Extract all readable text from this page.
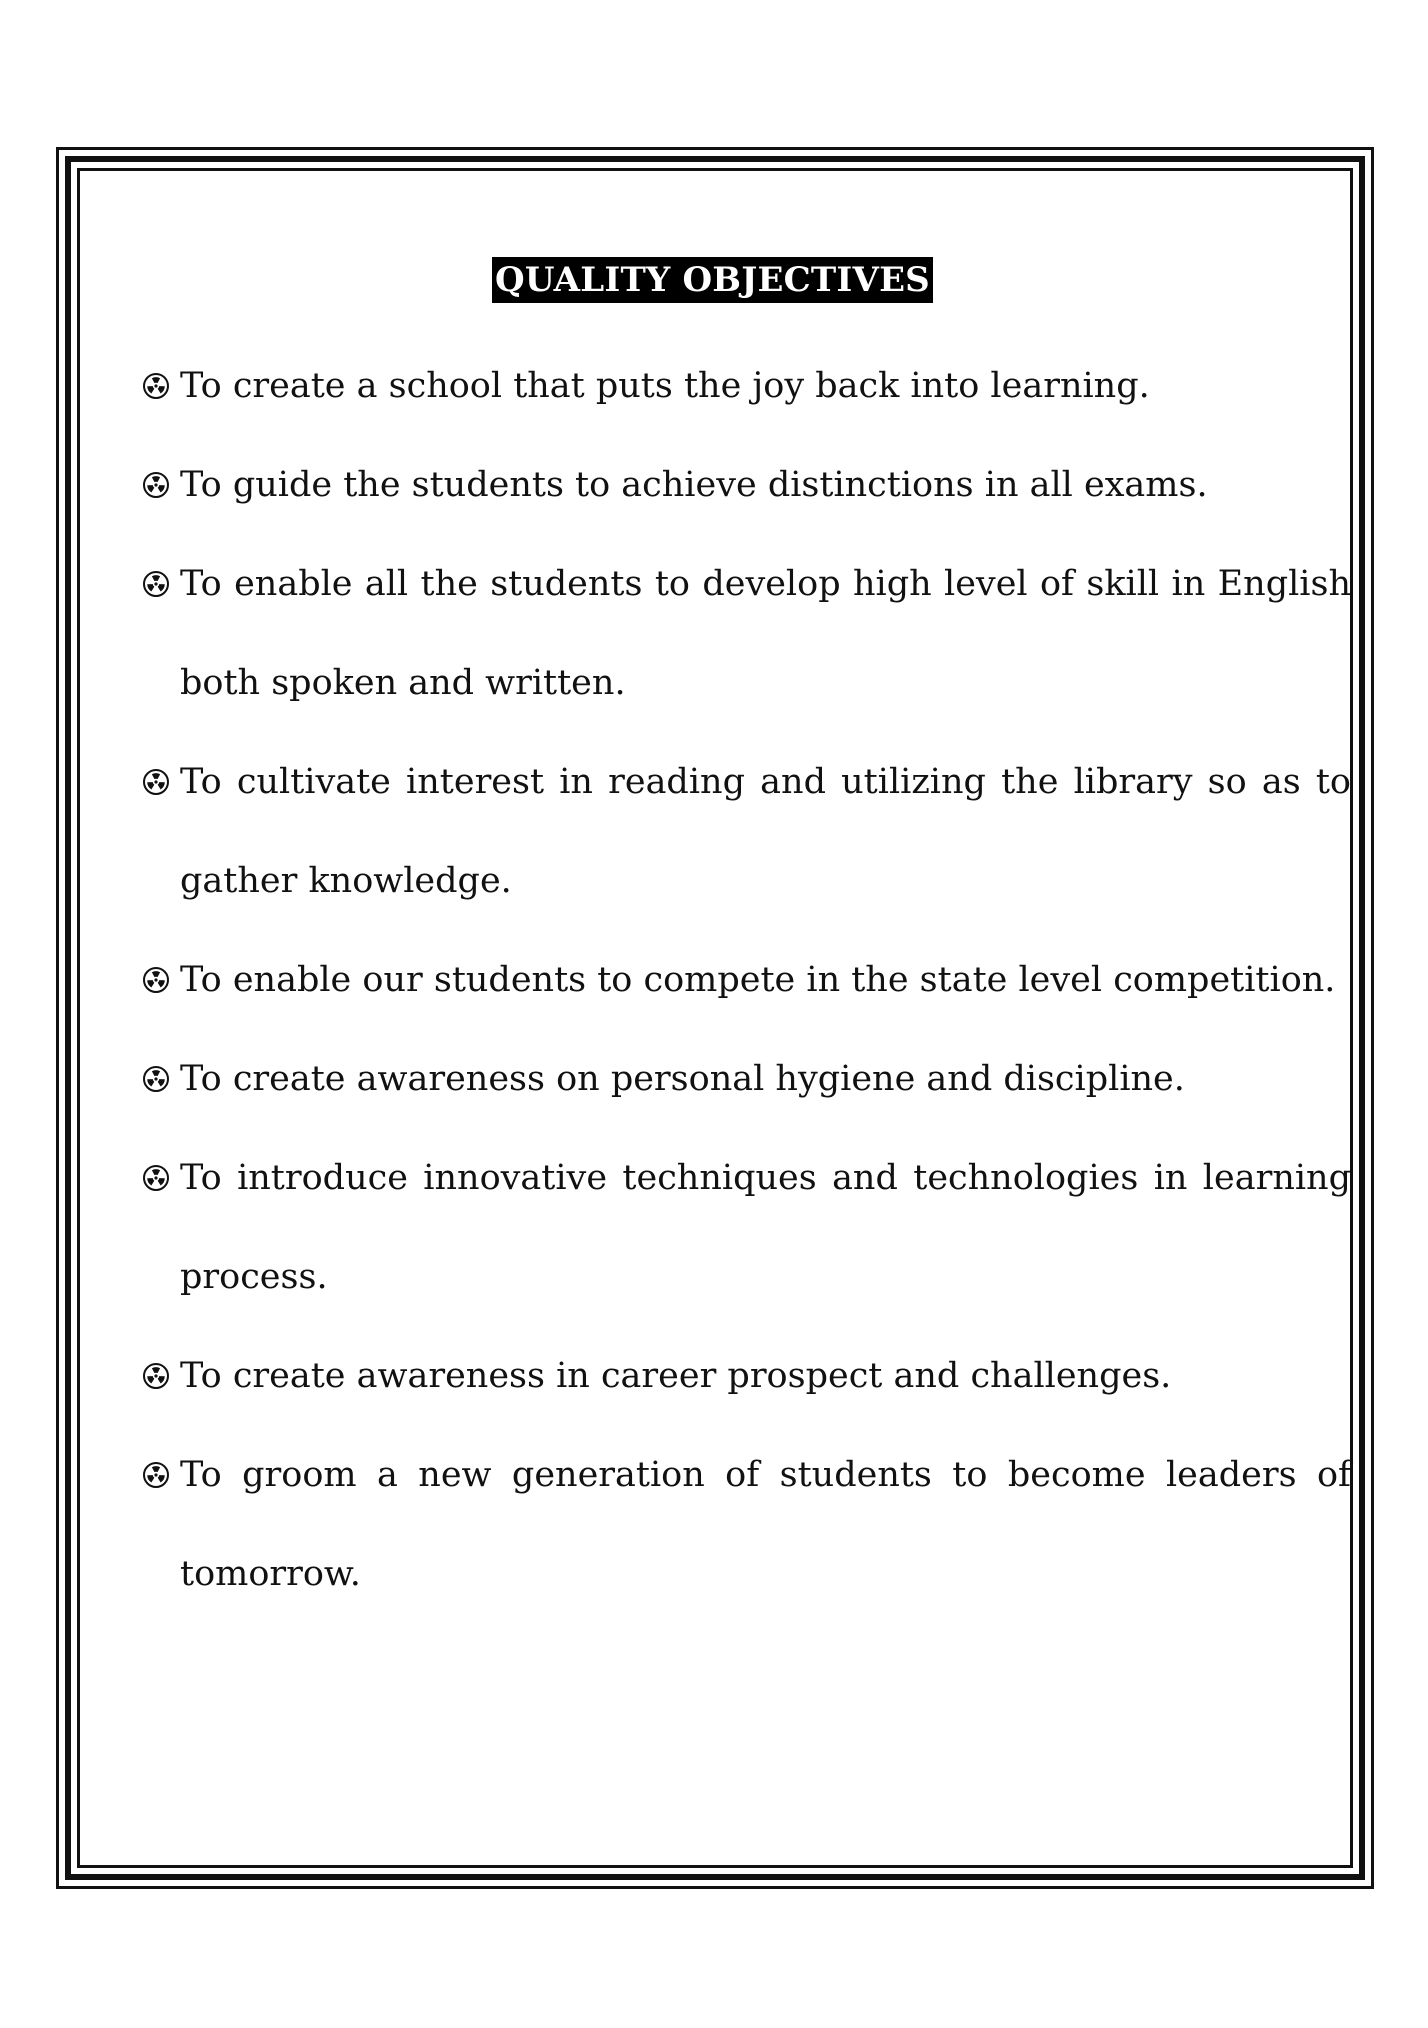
QUALITY OBJECTIVES
To create a school that puts the joy back into learning.
To guide the students to achieve distinctions in all exams.
To enable all the students to develop high level of skill in English both spoken and written.
To cultivate interest in reading and utilizing the library so as to gather knowledge.
To enable our students to compete in the state level competition.
To create awareness on personal hygiene and discipline.
To introduce innovative techniques and technologies in learning process.
To create awareness in career prospect and challenges.
To groom a new generation of students to become leaders of tomorrow.
